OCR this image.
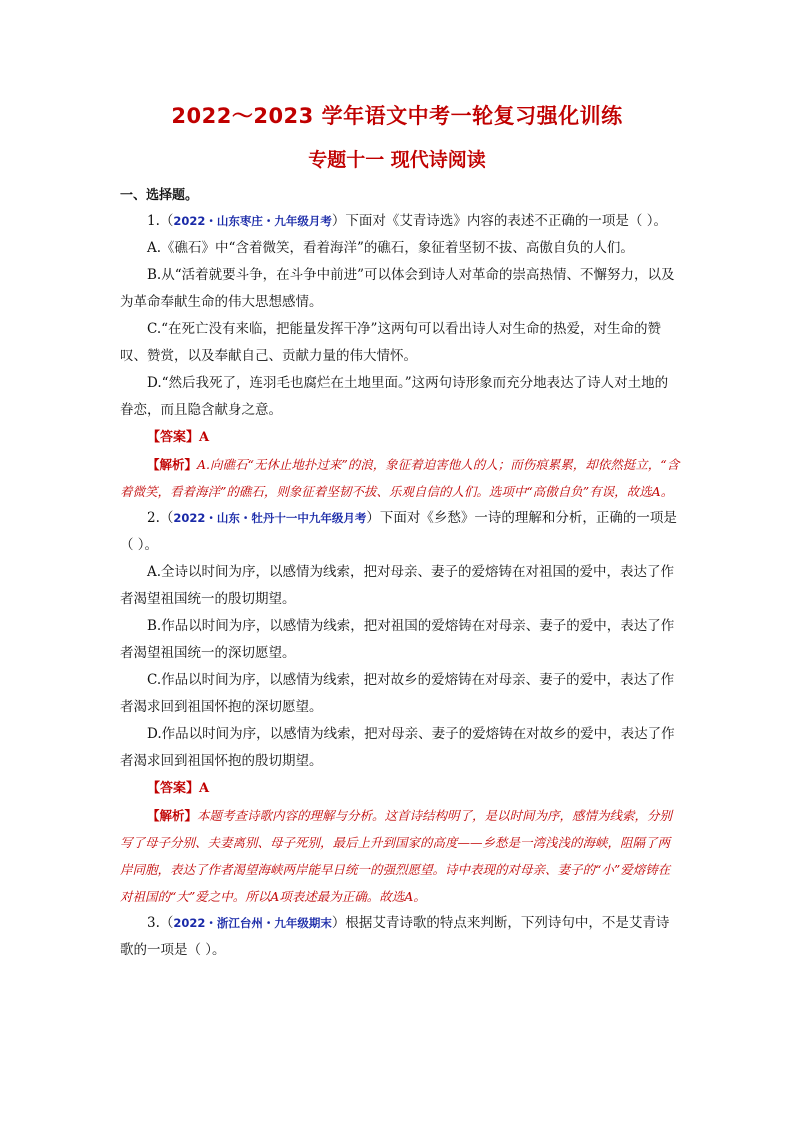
2022～2023 学年语文中考一轮复习强化训练
专题十一 现代诗阅读
一、选择题。

1.（2022・山东枣庄・九年级月考）下面对《艾青诗选》内容的表述不正确的一项是（ ）。

A.《礁石》中“含着微笑，看着海洋”的礁石，象征着坚韧不拔、高傲自负的人们。

B.从“活着就要斗争，在斗争中前进”可以体会到诗人对革命的崇高热情、不懈努力，以及为革命奉献生命的伟大思想感情。

C.“在死亡没有来临，把能量发挥干净”这两句可以看出诗人对生命的热爱，对生命的赞叹、赞赏，以及奉献自己、贡献力量的伟大情怀。

D.“然后我死了，连羽毛也腐烂在土地里面。”这两句诗形象而充分地表达了诗人对土地的眷恋，而且隐含献身之意。

【答案】A

【解析】A.向礁石“无休止地扑过来”的浪，象征着迫害他人的人；而伤痕累累，却依然挺立，“含着微笑，看着海洋”的礁石，则象征着坚韧不拔、乐观自信的人们。选项中“高傲自负”有误，故选A。

2.（2022・山东・牡丹十一中九年级月考）下面对《乡愁》一诗的理解和分析，正确的一项是（ ）。

A.全诗以时间为序，以感情为线索，把对母亲、妻子的爱熔铸在对祖国的爱中，表达了作者渴望祖国统一的殷切期望。

B.作品以时间为序，以感情为线索，把对祖国的爱熔铸在对母亲、妻子的爱中，表达了作者渴望祖国统一的深切愿望。

C.作品以时间为序，以感情为线索，把对故乡的爱熔铸在对母亲、妻子的爱中，表达了作者渴求回到祖国怀抱的深切愿望。

D.作品以时间为序，以感情为线索，把对母亲、妻子的爱熔铸在对故乡的爱中，表达了作者渴求回到祖国怀抱的殷切期望。

【答案】A

【解析】本题考查诗歌内容的理解与分析。这首诗结构明了，是以时间为序，感情为线索，分别写了母子分别、夫妻离别、母子死别，最后上升到国家的高度——乡愁是一湾浅浅的海峡，阻隔了两岸同胞，表达了作者渴望海峡两岸能早日统一的强烈愿望。诗中表现的对母亲、妻子的“小”爱熔铸在对祖国的“大”爱之中。所以A项表述最为正确。故选A。

3.（2022・浙江台州・九年级期末）根据艾青诗歌的特点来判断，下列诗句中，不是艾青诗歌的一项是（ ）。
